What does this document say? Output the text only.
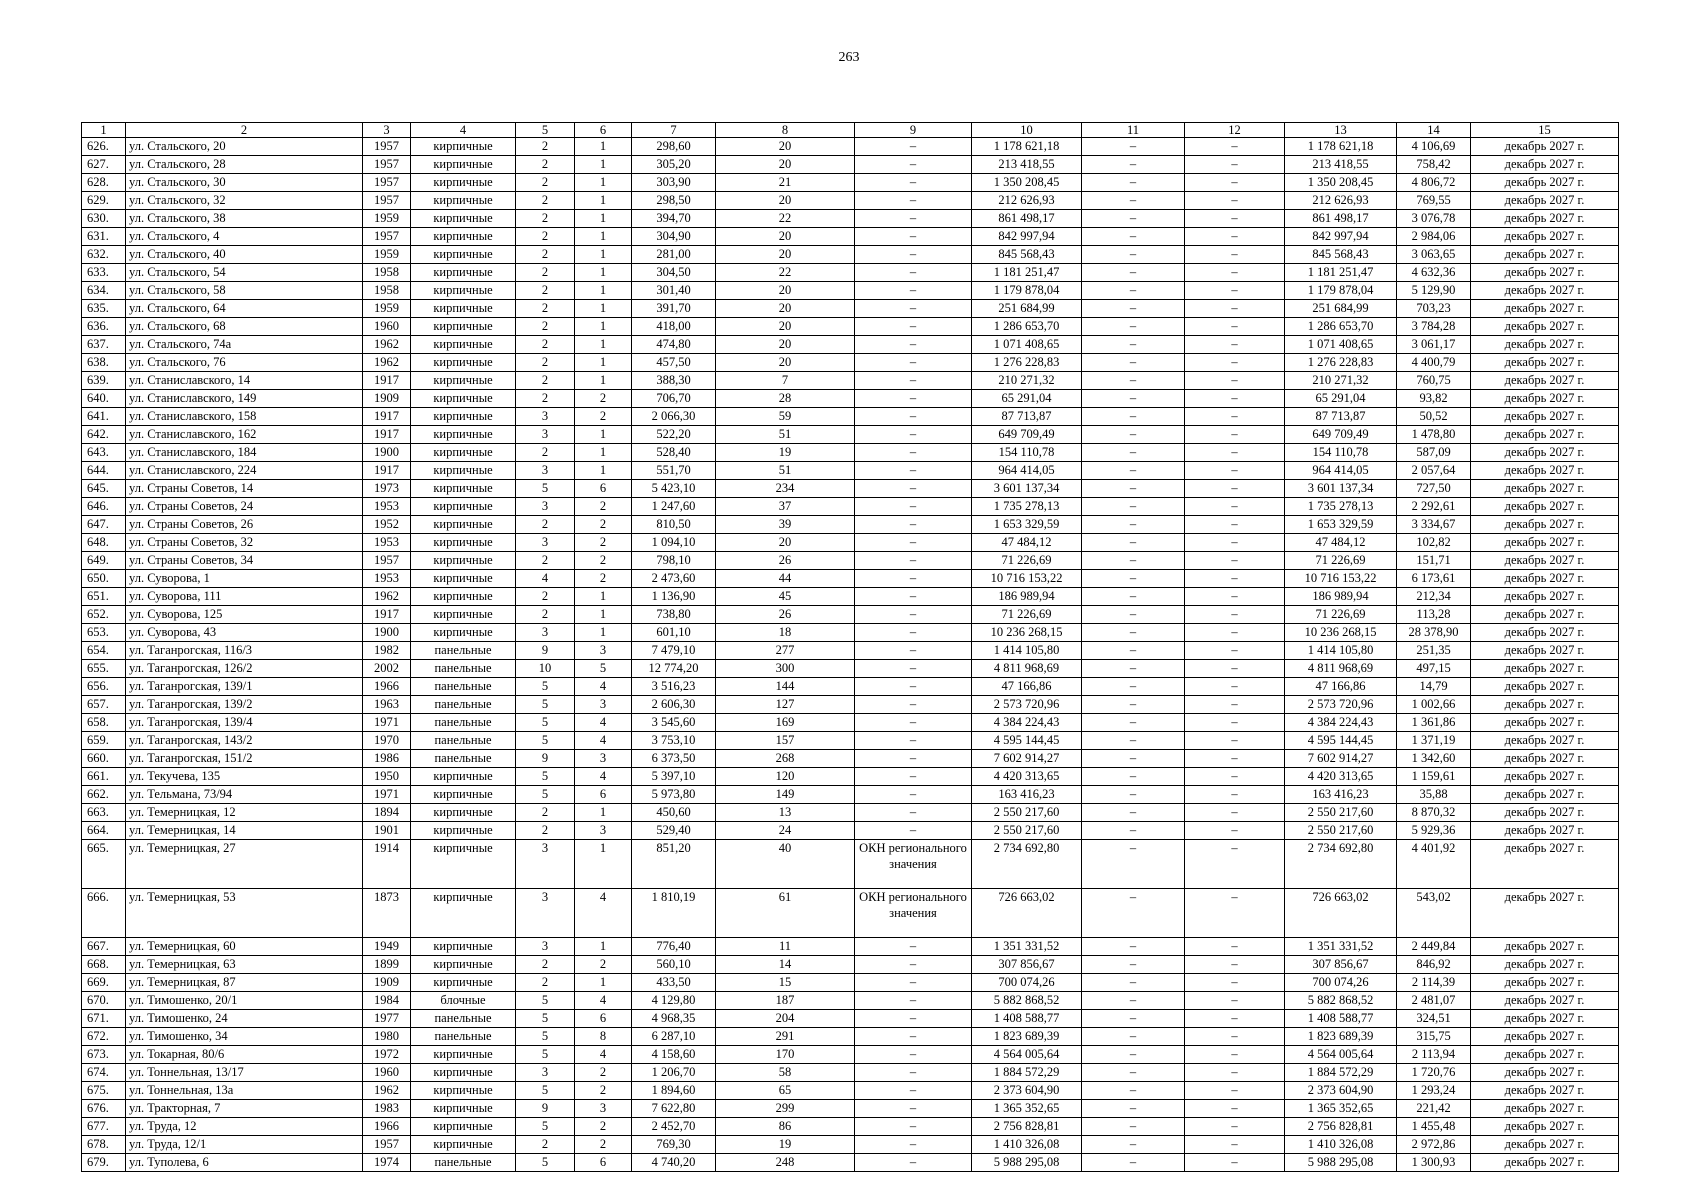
263
1	2	3	4	5	6	7	8	9	10	11	12	13	14	15
626.	ул. Стальского, 20	1957	кирпичные	2	1	298,60	20	–	1 178 621,18	–	–	1 178 621,18	4 106,69	декабрь 2027 г.
627.	ул. Стальского, 28	1957	кирпичные	2	1	305,20	20	–	213 418,55	–	–	213 418,55	758,42	декабрь 2027 г.
628.	ул. Стальского, 30	1957	кирпичные	2	1	303,90	21	–	1 350 208,45	–	–	1 350 208,45	4 806,72	декабрь 2027 г.
629.	ул. Стальского, 32	1957	кирпичные	2	1	298,50	20	–	212 626,93	–	–	212 626,93	769,55	декабрь 2027 г.
630.	ул. Стальского, 38	1959	кирпичные	2	1	394,70	22	–	861 498,17	–	–	861 498,17	3 076,78	декабрь 2027 г.
631.	ул. Стальского, 4	1957	кирпичные	2	1	304,90	20	–	842 997,94	–	–	842 997,94	2 984,06	декабрь 2027 г.
632.	ул. Стальского, 40	1959	кирпичные	2	1	281,00	20	–	845 568,43	–	–	845 568,43	3 063,65	декабрь 2027 г.
633.	ул. Стальского, 54	1958	кирпичные	2	1	304,50	22	–	1 181 251,47	–	–	1 181 251,47	4 632,36	декабрь 2027 г.
634.	ул. Стальского, 58	1958	кирпичные	2	1	301,40	20	–	1 179 878,04	–	–	1 179 878,04	5 129,90	декабрь 2027 г.
635.	ул. Стальского, 64	1959	кирпичные	2	1	391,70	20	–	251 684,99	–	–	251 684,99	703,23	декабрь 2027 г.
636.	ул. Стальского, 68	1960	кирпичные	2	1	418,00	20	–	1 286 653,70	–	–	1 286 653,70	3 784,28	декабрь 2027 г.
637.	ул. Стальского, 74а	1962	кирпичные	2	1	474,80	20	–	1 071 408,65	–	–	1 071 408,65	3 061,17	декабрь 2027 г.
638.	ул. Стальского, 76	1962	кирпичные	2	1	457,50	20	–	1 276 228,83	–	–	1 276 228,83	4 400,79	декабрь 2027 г.
639.	ул. Станиславского, 14	1917	кирпичные	2	1	388,30	7	–	210 271,32	–	–	210 271,32	760,75	декабрь 2027 г.
640.	ул. Станиславского, 149	1909	кирпичные	2	2	706,70	28	–	65 291,04	–	–	65 291,04	93,82	декабрь 2027 г.
641.	ул. Станиславского, 158	1917	кирпичные	3	2	2 066,30	59	–	87 713,87	–	–	87 713,87	50,52	декабрь 2027 г.
642.	ул. Станиславского, 162	1917	кирпичные	3	1	522,20	51	–	649 709,49	–	–	649 709,49	1 478,80	декабрь 2027 г.
643.	ул. Станиславского, 184	1900	кирпичные	2	1	528,40	19	–	154 110,78	–	–	154 110,78	587,09	декабрь 2027 г.
644.	ул. Станиславского, 224	1917	кирпичные	3	1	551,70	51	–	964 414,05	–	–	964 414,05	2 057,64	декабрь 2027 г.
645.	ул. Страны Советов, 14	1973	кирпичные	5	6	5 423,10	234	–	3 601 137,34	–	–	3 601 137,34	727,50	декабрь 2027 г.
646.	ул. Страны Советов, 24	1953	кирпичные	3	2	1 247,60	37	–	1 735 278,13	–	–	1 735 278,13	2 292,61	декабрь 2027 г.
647.	ул. Страны Советов, 26	1952	кирпичные	2	2	810,50	39	–	1 653 329,59	–	–	1 653 329,59	3 334,67	декабрь 2027 г.
648.	ул. Страны Советов, 32	1953	кирпичные	3	2	1 094,10	20	–	47 484,12	–	–	47 484,12	102,82	декабрь 2027 г.
649.	ул. Страны Советов, 34	1957	кирпичные	2	2	798,10	26	–	71 226,69	–	–	71 226,69	151,71	декабрь 2027 г.
650.	ул. Суворова, 1	1953	кирпичные	4	2	2 473,60	44	–	10 716 153,22	–	–	10 716 153,22	6 173,61	декабрь 2027 г.
651.	ул. Суворова, 111	1962	кирпичные	2	1	1 136,90	45	–	186 989,94	–	–	186 989,94	212,34	декабрь 2027 г.
652.	ул. Суворова, 125	1917	кирпичные	2	1	738,80	26	–	71 226,69	–	–	71 226,69	113,28	декабрь 2027 г.
653.	ул. Суворова, 43	1900	кирпичные	3	1	601,10	18	–	10 236 268,15	–	–	10 236 268,15	28 378,90	декабрь 2027 г.
654.	ул. Таганрогская, 116/3	1982	панельные	9	3	7 479,10	277	–	1 414 105,80	–	–	1 414 105,80	251,35	декабрь 2027 г.
655.	ул. Таганрогская, 126/2	2002	панельные	10	5	12 774,20	300	–	4 811 968,69	–	–	4 811 968,69	497,15	декабрь 2027 г.
656.	ул. Таганрогская, 139/1	1966	панельные	5	4	3 516,23	144	–	47 166,86	–	–	47 166,86	14,79	декабрь 2027 г.
657.	ул. Таганрогская, 139/2	1963	панельные	5	3	2 606,30	127	–	2 573 720,96	–	–	2 573 720,96	1 002,66	декабрь 2027 г.
658.	ул. Таганрогская, 139/4	1971	панельные	5	4	3 545,60	169	–	4 384 224,43	–	–	4 384 224,43	1 361,86	декабрь 2027 г.
659.	ул. Таганрогская, 143/2	1970	панельные	5	4	3 753,10	157	–	4 595 144,45	–	–	4 595 144,45	1 371,19	декабрь 2027 г.
660.	ул. Таганрогская, 151/2	1986	панельные	9	3	6 373,50	268	–	7 602 914,27	–	–	7 602 914,27	1 342,60	декабрь 2027 г.
661.	ул. Текучева, 135	1950	кирпичные	5	4	5 397,10	120	–	4 420 313,65	–	–	4 420 313,65	1 159,61	декабрь 2027 г.
662.	ул. Тельмана, 73/94	1971	кирпичные	5	6	5 973,80	149	–	163 416,23	–	–	163 416,23	35,88	декабрь 2027 г.
663.	ул. Темерницкая, 12	1894	кирпичные	2	1	450,60	13	–	2 550 217,60	–	–	2 550 217,60	8 870,32	декабрь 2027 г.
664.	ул. Темерницкая, 14	1901	кирпичные	2	3	529,40	24	–	2 550 217,60	–	–	2 550 217,60	5 929,36	декабрь 2027 г.
665.	ул. Темерницкая, 27	1914	кирпичные	3	1	851,20	40	ОКН регионального значения	2 734 692,80	–	–	2 734 692,80	4 401,92	декабрь 2027 г.
666.	ул. Темерницкая, 53	1873	кирпичные	3	4	1 810,19	61	ОКН регионального значения	726 663,02	–	–	726 663,02	543,02	декабрь 2027 г.
667.	ул. Темерницкая, 60	1949	кирпичные	3	1	776,40	11	–	1 351 331,52	–	–	1 351 331,52	2 449,84	декабрь 2027 г.
668.	ул. Темерницкая, 63	1899	кирпичные	2	2	560,10	14	–	307 856,67	–	–	307 856,67	846,92	декабрь 2027 г.
669.	ул. Темерницкая, 87	1909	кирпичные	2	1	433,50	15	–	700 074,26	–	–	700 074,26	2 114,39	декабрь 2027 г.
670.	ул. Тимошенко, 20/1	1984	блочные	5	4	4 129,80	187	–	5 882 868,52	–	–	5 882 868,52	2 481,07	декабрь 2027 г.
671.	ул. Тимошенко, 24	1977	панельные	5	6	4 968,35	204	–	1 408 588,77	–	–	1 408 588,77	324,51	декабрь 2027 г.
672.	ул. Тимошенко, 34	1980	панельные	5	8	6 287,10	291	–	1 823 689,39	–	–	1 823 689,39	315,75	декабрь 2027 г.
673.	ул. Токарная, 80/6	1972	кирпичные	5	4	4 158,60	170	–	4 564 005,64	–	–	4 564 005,64	2 113,94	декабрь 2027 г.
674.	ул. Тоннельная, 13/17	1960	кирпичные	3	2	1 206,70	58	–	1 884 572,29	–	–	1 884 572,29	1 720,76	декабрь 2027 г.
675.	ул. Тоннельная, 13а	1962	кирпичные	5	2	1 894,60	65	–	2 373 604,90	–	–	2 373 604,90	1 293,24	декабрь 2027 г.
676.	ул. Тракторная, 7	1983	кирпичные	9	3	7 622,80	299	–	1 365 352,65	–	–	1 365 352,65	221,42	декабрь 2027 г.
677.	ул. Труда, 12	1966	кирпичные	5	2	2 452,70	86	–	2 756 828,81	–	–	2 756 828,81	1 455,48	декабрь 2027 г.
678.	ул. Труда, 12/1	1957	кирпичные	2	2	769,30	19	–	1 410 326,08	–	–	1 410 326,08	2 972,86	декабрь 2027 г.
679.	ул. Туполева, 6	1974	панельные	5	6	4 740,20	248	–	5 988 295,08	–	–	5 988 295,08	1 300,93	декабрь 2027 г.
